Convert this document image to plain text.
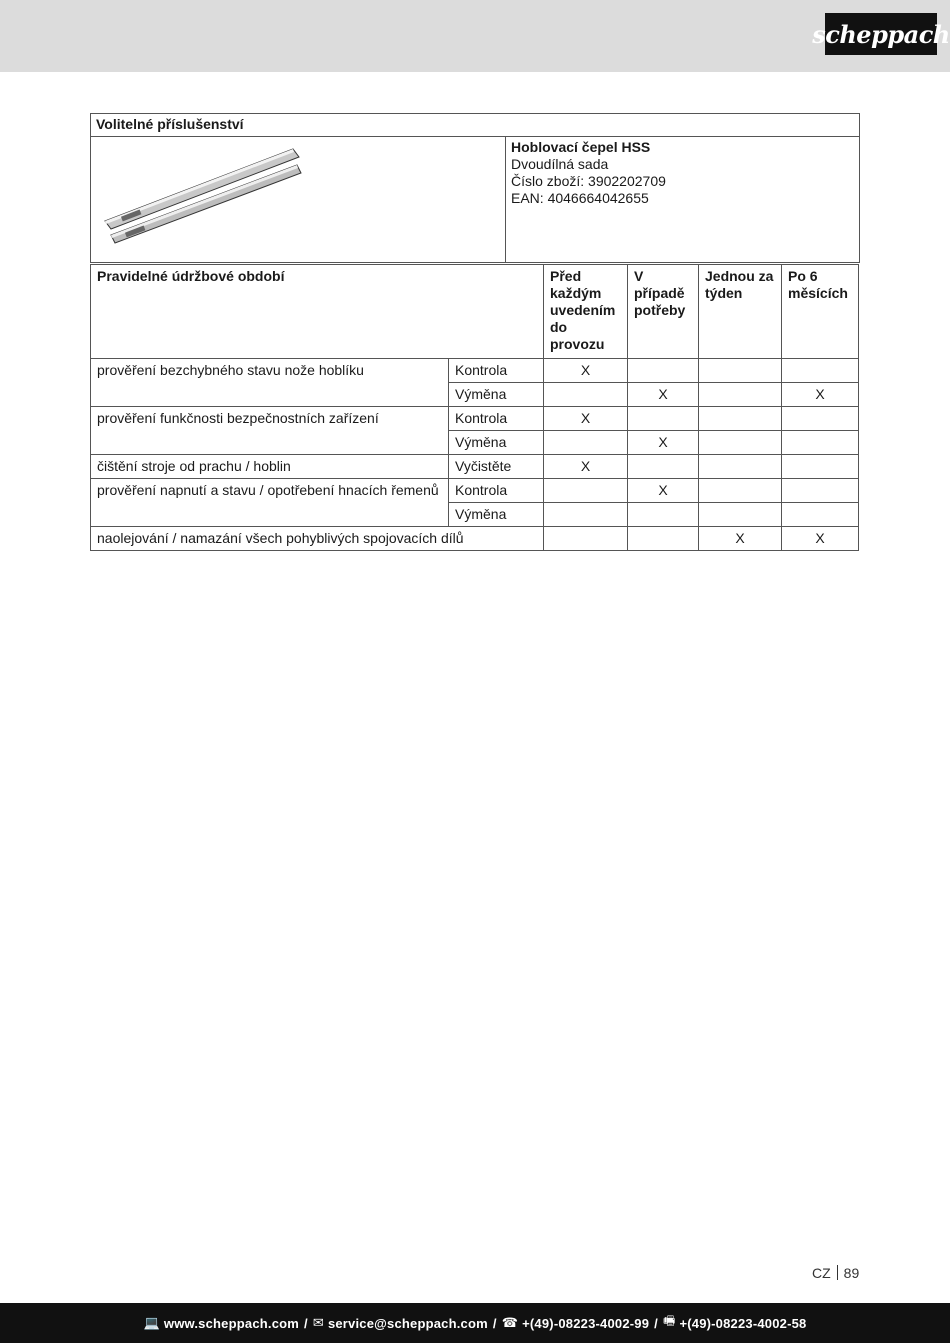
scheppach
Volitelné příslušenství

Hoblovací čepel HSS
Dvoudílná sada
Číslo zboží: 3902202709
EAN: 4046664042655
Pravidelné údržbové období		Před každým uvedením do provozu	V případě potřeby	Jednou za týden	Po 6 měsících
prověření bezchybného stavu nože hoblíku	Kontrola	X			
	Výměna		X		X
prověření funkčnosti bezpečnostních zařízení	Kontrola	X			
	Výměna		X		
čištění stroje od prachu / hoblin	Vyčistěte	X			
prověření napnutí a stavu / opotřebení hnacích řemenů	Kontrola		X		
	Výměna				
naolejování / namazání všech pohyblivých spojovacích dílů				X	X
CZ 89
💻 www.scheppach.com / ✉ service@scheppach.com / ☎ +(49)-08223-4002-99 / 🖷 +(49)-08223-4002-58
